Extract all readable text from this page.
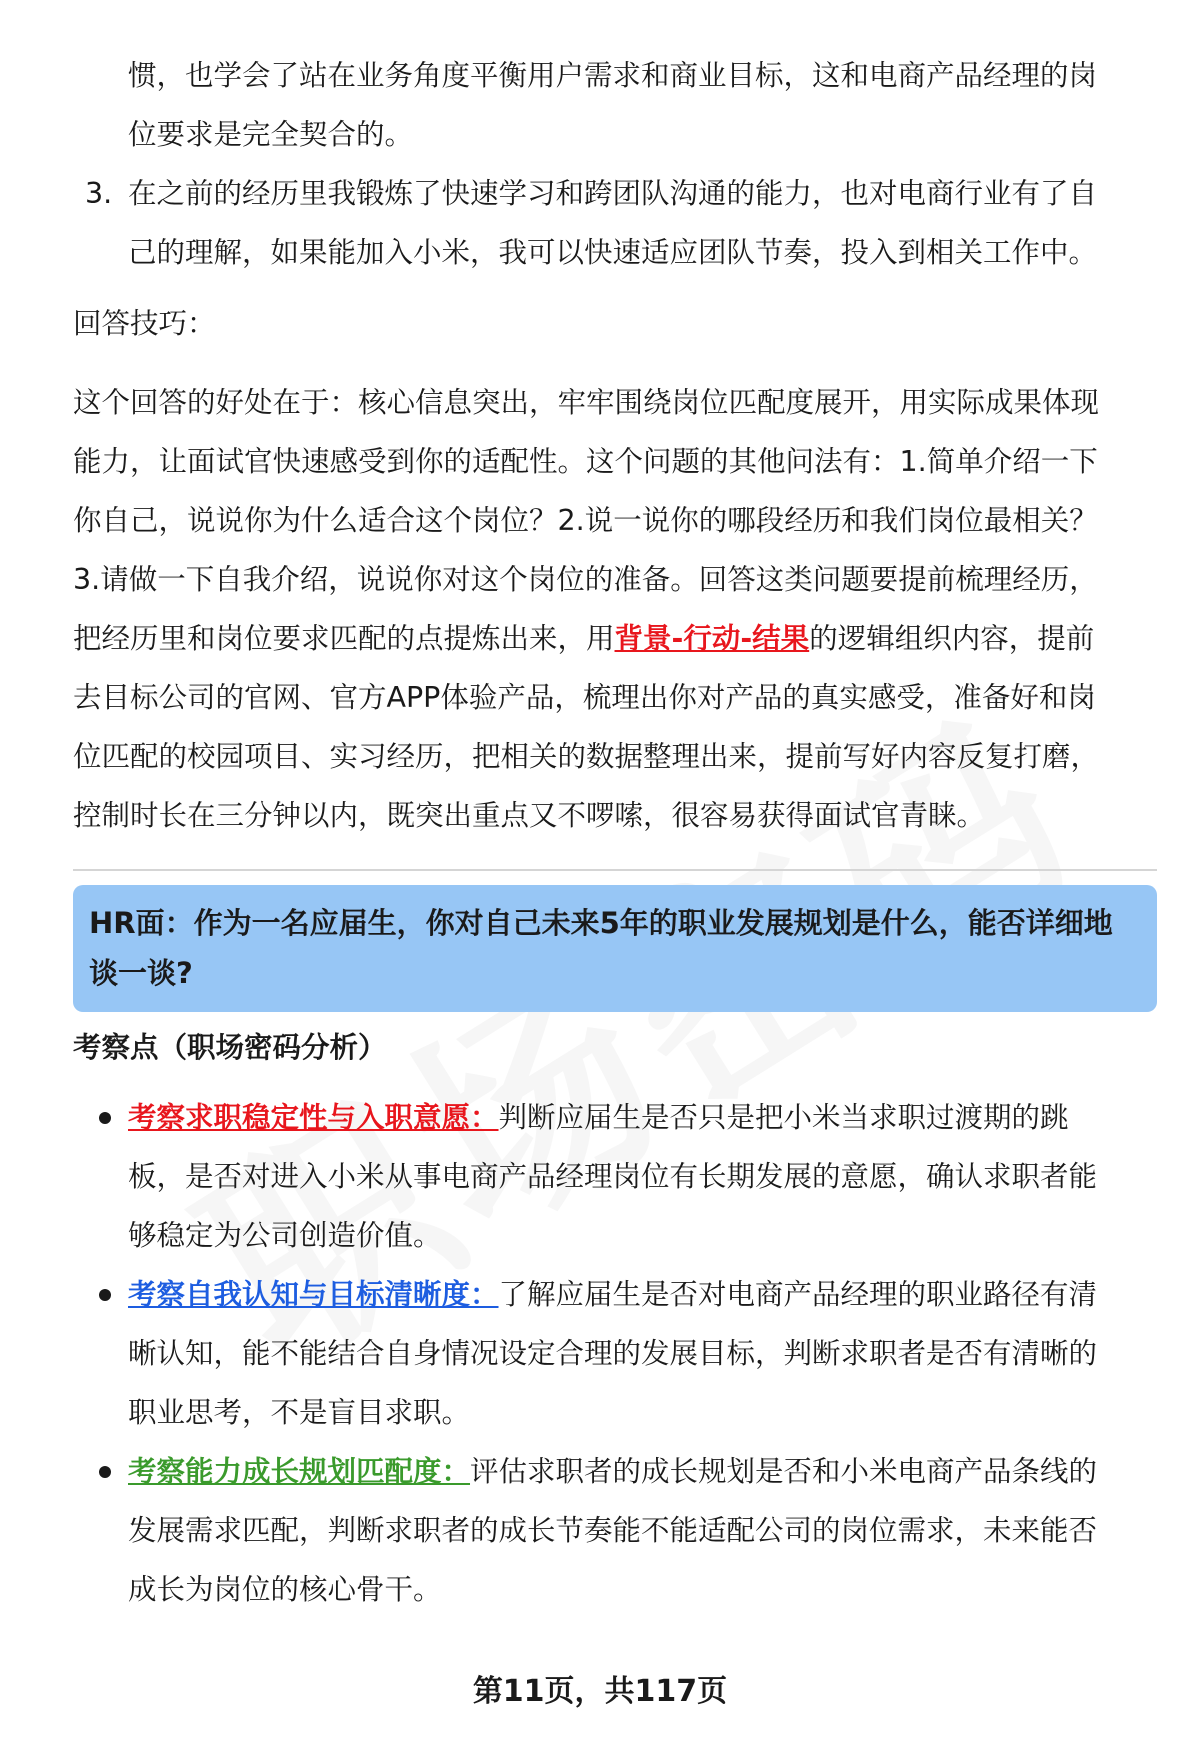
惯，也学会了站在业务角度平衡用户需求和商业目标，这和电商产品经理的岗
位要求是完全契合的。
3. 在之前的经历里我锻炼了快速学习和跨团队沟通的能力，也对电商行业有了自
己的理解，如果能加入小米，我可以快速适应团队节奏，投入到相关工作中。
回答技巧：
这个回答的好处在于：核心信息突出，牢牢围绕岗位匹配度展开，用实际成果体现
能力，让面试官快速感受到你的适配性。这个问题的其他问法有：1.简单介绍一下
你自己，说说你为什么适合这个岗位？2.说一说你的哪段经历和我们岗位最相关？
3.请做一下自我介绍，说说你对这个岗位的准备。回答这类问题要提前梳理经历，
把经历里和岗位要求匹配的点提炼出来，用背景-行动-结果的逻辑组织内容，提前
去目标公司的官网、官方APP体验产品，梳理出你对产品的真实感受，准备好和岗
位匹配的校园项目、实习经历，把相关的数据整理出来，提前写好内容反复打磨，
控制时长在三分钟以内，既突出重点又不啰嗦，很容易获得面试官青睐。
HR面：作为一名应届生，你对自己未来5年的职业发展规划是什么，能否详细地
谈一谈?
考察点（职场密码分析）
考察求职稳定性与入职意愿：判断应届生是否只是把小米当求职过渡期的跳
板，是否对进入小米从事电商产品经理岗位有长期发展的意愿，确认求职者能
够稳定为公司创造价值。
考察自我认知与目标清晰度：了解应届生是否对电商产品经理的职业路径有清
晰认知，能不能结合自身情况设定合理的发展目标，判断求职者是否有清晰的
职业思考，不是盲目求职。
考察能力成长规划匹配度：评估求职者的成长规划是否和小米电商产品条线的
发展需求匹配，判断求职者的成长节奏能不能适配公司的岗位需求，未来能否
成长为岗位的核心骨干。
第11页，共117页
